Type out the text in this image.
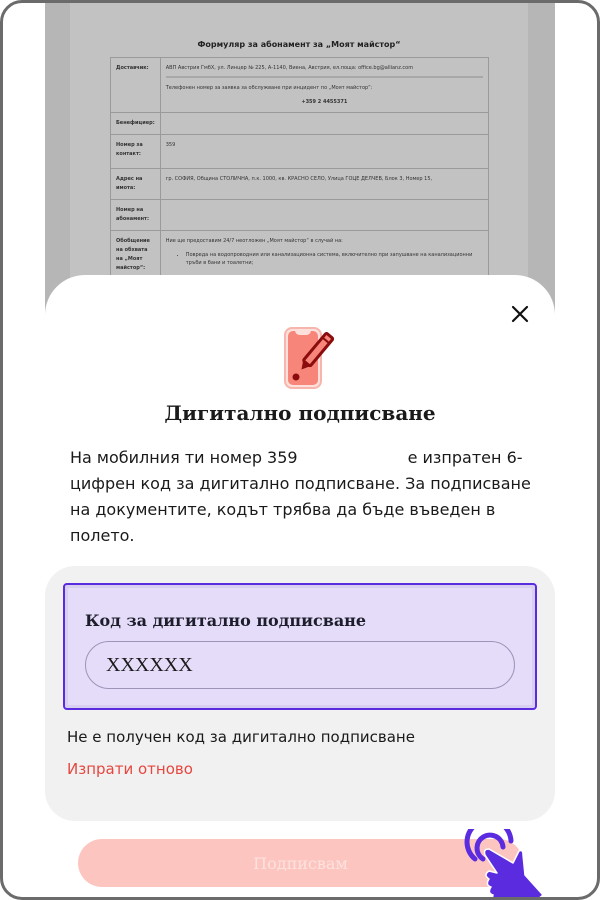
Формуляр за абонамент за „Моят майстор“
Доставчик:	АВП Австрия ГмбХ, ул. Линцер № 225, А-1140, Виена, Австрия, ел.поща: office.bg@allianz.com
Телефонен номер за заявка за обслужване при инцидент по „Моят майстор“:
+359 2 4455371

Бенефициер:	
Номер за контакт:	359
Адрес на имота:	гр. СОФИЯ, Община СТОЛИЧНА, п.к. 1000, кв. КРАСНО СЕЛО, Улица ГОЦЕ ДЕЛЧЕВ, Блок 3, Номер 15,
Номер на абонамент:	
Обобщение на обхвата на „Моят майстор“:	
Ние ще предоставим 24/7 неотложен „Моят майстор“ в случай на:
• Повреда на водопроводния или канализационна система, включително при запушване на канализационни тръби в бани и тоалетни;
•
•
Дигитално подписване
На мобилния ти номер 359	е изпратен 6-цифрен код за дигитално подписване. За подписване на документите, кодът трябва да бъде въведен в полето.
Код за дигитално подписване
XXXXXX
Не е получен код за дигитално подписване
Изпрати отново
Подписвам
